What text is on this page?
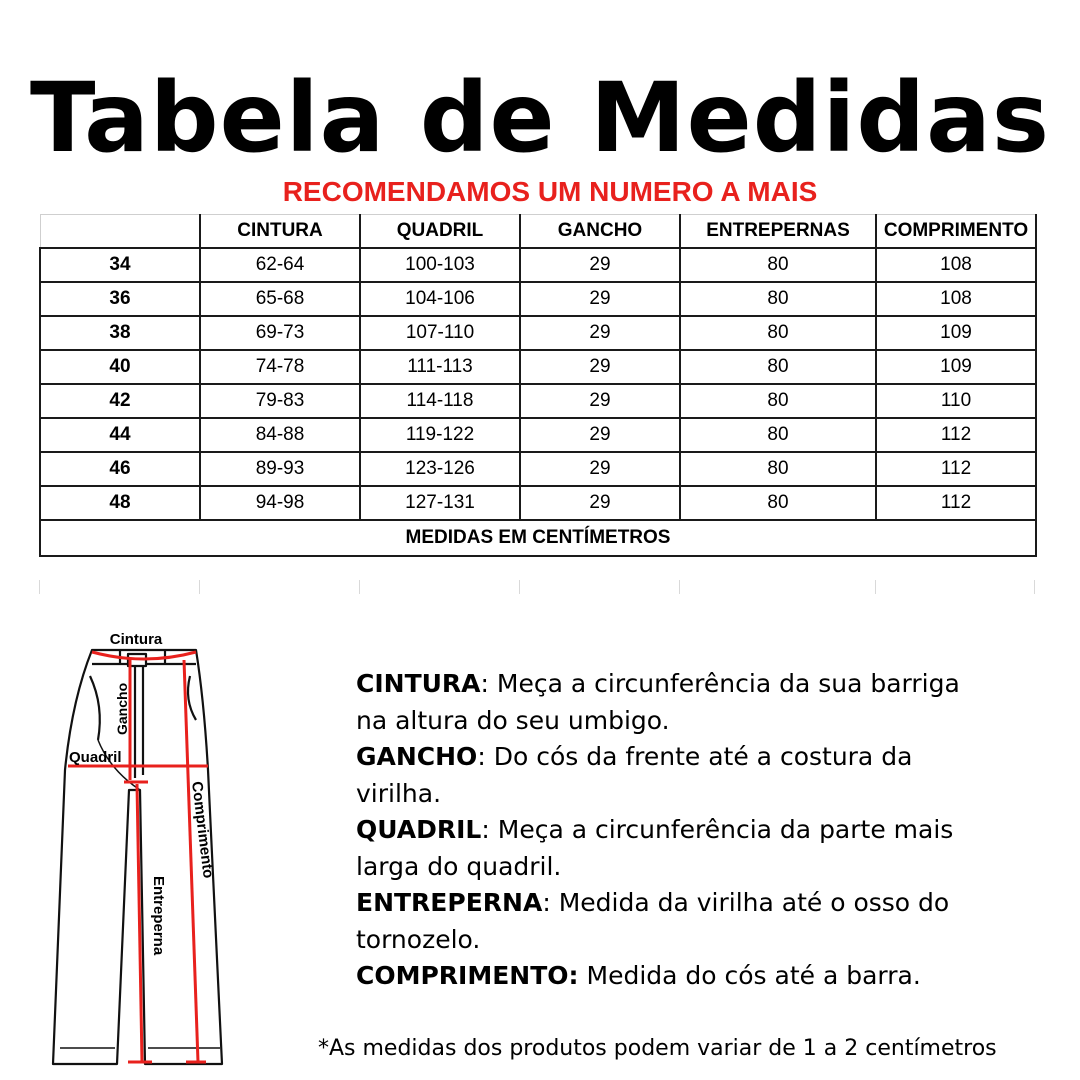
Tabela de Medidas
RECOMENDAMOS UM NUMERO A MAIS
	CINTURA	QUADRIL	GANCHO	ENTREPERNAS	COMPRIMENTO
34	62-64	100-103	29	80	108
36	65-68	104-106	29	80	108
38	69-73	107-110	29	80	109
40	74-78	111-113	29	80	109
42	79-83	114-118	29	80	110
44	84-88	119-122	29	80	112
46	89-93	123-126	29	80	112
48	94-98	127-131	29	80	112
MEDIDAS EM CENTÍMETROS					
Cintura
Gancho
Quadril
Comprimento
Entreperna

CINTURA: Meça a circunferência da sua barriga
na altura do seu umbigo.

GANCHO: Do cós da frente até a costura da
virilha.

QUADRIL: Meça a circunferência da parte mais
larga do quadril.

ENTREPERNA: Medida da virilha até o osso do
tornozelo.

COMPRIMENTO: Medida do cós até a barra.

*As medidas dos produtos podem variar de 1 a 2 centímetros
